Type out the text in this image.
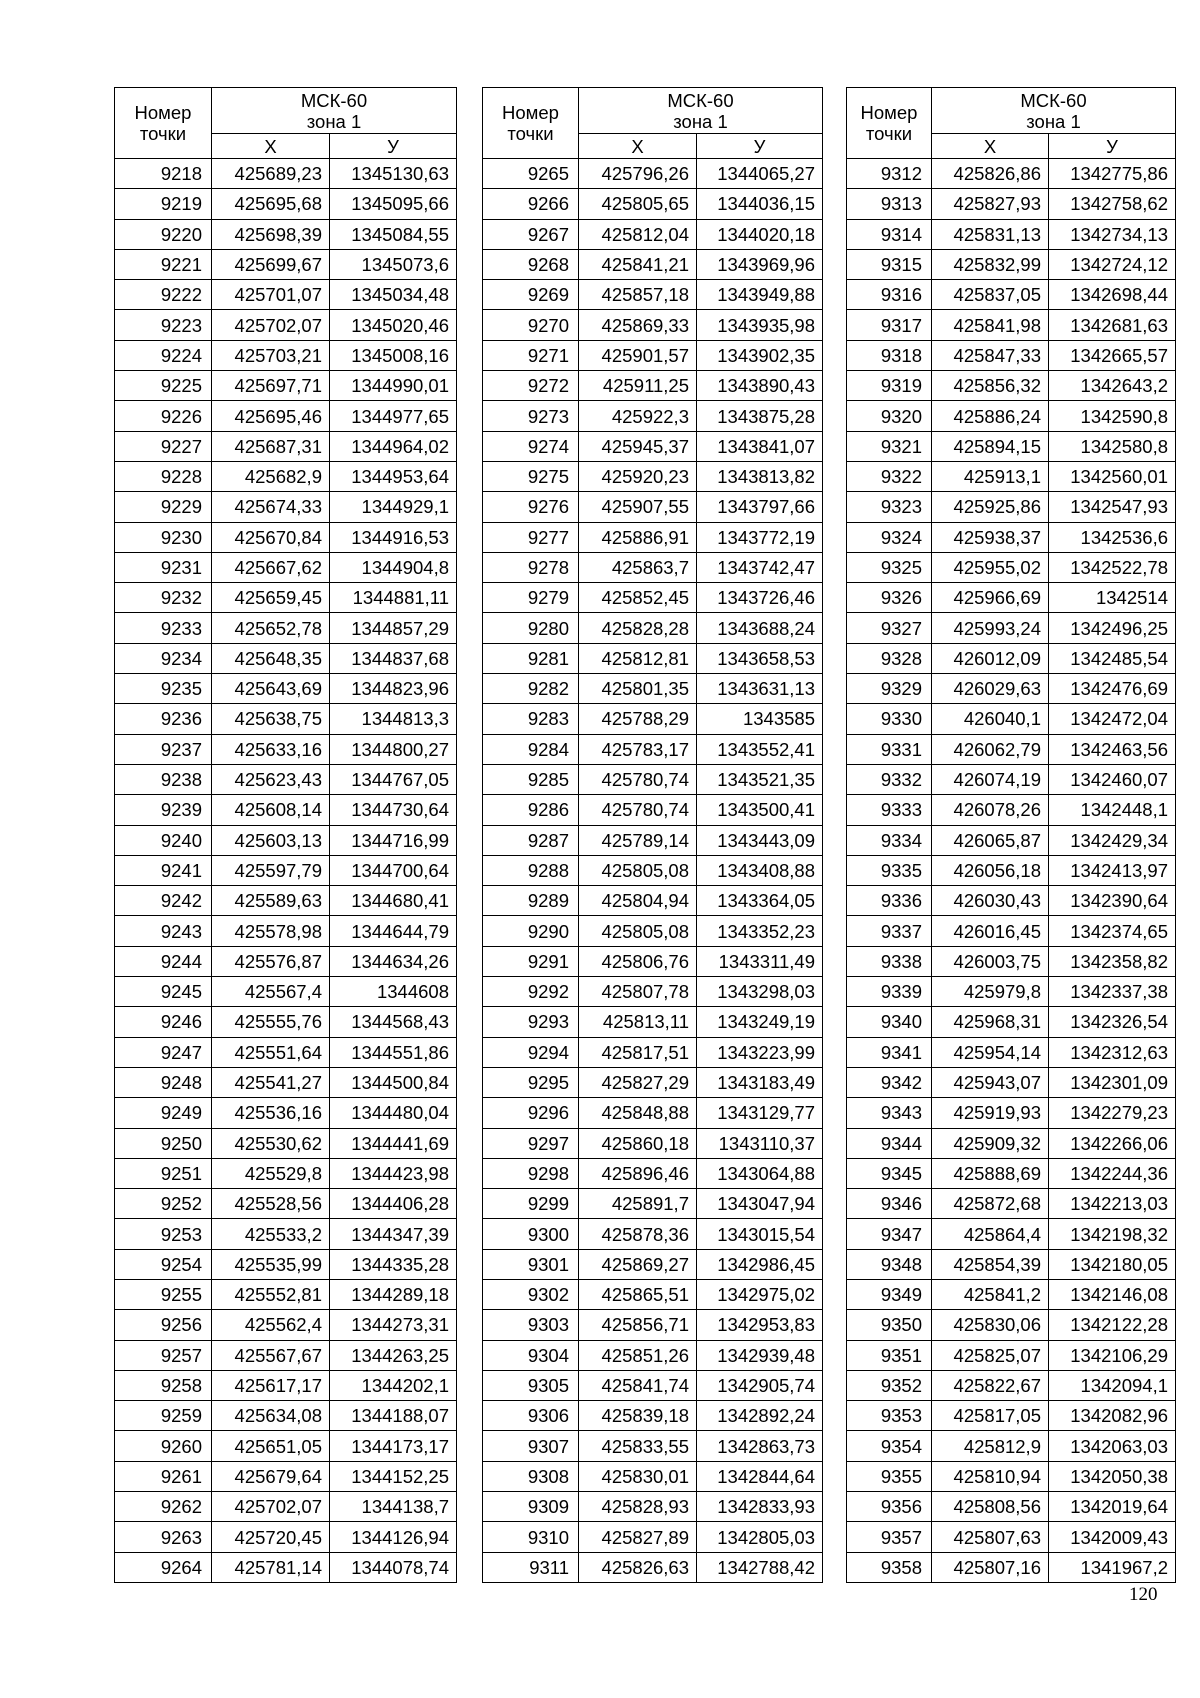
Номер
точки	МСК-60
зона 1	
	X	У
9218	425689,23	1345130,63
9219	425695,68	1345095,66
9220	425698,39	1345084,55
9221	425699,67	1345073,6
9222	425701,07	1345034,48
9223	425702,07	1345020,46
9224	425703,21	1345008,16
9225	425697,71	1344990,01
9226	425695,46	1344977,65
9227	425687,31	1344964,02
9228	425682,9	1344953,64
9229	425674,33	1344929,1
9230	425670,84	1344916,53
9231	425667,62	1344904,8
9232	425659,45	1344881,11
9233	425652,78	1344857,29
9234	425648,35	1344837,68
9235	425643,69	1344823,96
9236	425638,75	1344813,3
9237	425633,16	1344800,27
9238	425623,43	1344767,05
9239	425608,14	1344730,64
9240	425603,13	1344716,99
9241	425597,79	1344700,64
9242	425589,63	1344680,41
9243	425578,98	1344644,79
9244	425576,87	1344634,26
9245	425567,4	1344608
9246	425555,76	1344568,43
9247	425551,64	1344551,86
9248	425541,27	1344500,84
9249	425536,16	1344480,04
9250	425530,62	1344441,69
9251	425529,8	1344423,98
9252	425528,56	1344406,28
9253	425533,2	1344347,39
9254	425535,99	1344335,28
9255	425552,81	1344289,18
9256	425562,4	1344273,31
9257	425567,67	1344263,25
9258	425617,17	1344202,1
9259	425634,08	1344188,07
9260	425651,05	1344173,17
9261	425679,64	1344152,25
9262	425702,07	1344138,7
9263	425720,45	1344126,94
9264	425781,14	1344078,74
Номер
точки	МСК-60
зона 1	
	X	У
9265	425796,26	1344065,27
9266	425805,65	1344036,15
9267	425812,04	1344020,18
9268	425841,21	1343969,96
9269	425857,18	1343949,88
9270	425869,33	1343935,98
9271	425901,57	1343902,35
9272	425911,25	1343890,43
9273	425922,3	1343875,28
9274	425945,37	1343841,07
9275	425920,23	1343813,82
9276	425907,55	1343797,66
9277	425886,91	1343772,19
9278	425863,7	1343742,47
9279	425852,45	1343726,46
9280	425828,28	1343688,24
9281	425812,81	1343658,53
9282	425801,35	1343631,13
9283	425788,29	1343585
9284	425783,17	1343552,41
9285	425780,74	1343521,35
9286	425780,74	1343500,41
9287	425789,14	1343443,09
9288	425805,08	1343408,88
9289	425804,94	1343364,05
9290	425805,08	1343352,23
9291	425806,76	1343311,49
9292	425807,78	1343298,03
9293	425813,11	1343249,19
9294	425817,51	1343223,99
9295	425827,29	1343183,49
9296	425848,88	1343129,77
9297	425860,18	1343110,37
9298	425896,46	1343064,88
9299	425891,7	1343047,94
9300	425878,36	1343015,54
9301	425869,27	1342986,45
9302	425865,51	1342975,02
9303	425856,71	1342953,83
9304	425851,26	1342939,48
9305	425841,74	1342905,74
9306	425839,18	1342892,24
9307	425833,55	1342863,73
9308	425830,01	1342844,64
9309	425828,93	1342833,93
9310	425827,89	1342805,03
9311	425826,63	1342788,42
Номер
точки	МСК-60
зона 1	
	X	У
9312	425826,86	1342775,86
9313	425827,93	1342758,62
9314	425831,13	1342734,13
9315	425832,99	1342724,12
9316	425837,05	1342698,44
9317	425841,98	1342681,63
9318	425847,33	1342665,57
9319	425856,32	1342643,2
9320	425886,24	1342590,8
9321	425894,15	1342580,8
9322	425913,1	1342560,01
9323	425925,86	1342547,93
9324	425938,37	1342536,6
9325	425955,02	1342522,78
9326	425966,69	1342514
9327	425993,24	1342496,25
9328	426012,09	1342485,54
9329	426029,63	1342476,69
9330	426040,1	1342472,04
9331	426062,79	1342463,56
9332	426074,19	1342460,07
9333	426078,26	1342448,1
9334	426065,87	1342429,34
9335	426056,18	1342413,97
9336	426030,43	1342390,64
9337	426016,45	1342374,65
9338	426003,75	1342358,82
9339	425979,8	1342337,38
9340	425968,31	1342326,54
9341	425954,14	1342312,63
9342	425943,07	1342301,09
9343	425919,93	1342279,23
9344	425909,32	1342266,06
9345	425888,69	1342244,36
9346	425872,68	1342213,03
9347	425864,4	1342198,32
9348	425854,39	1342180,05
9349	425841,2	1342146,08
9350	425830,06	1342122,28
9351	425825,07	1342106,29
9352	425822,67	1342094,1
9353	425817,05	1342082,96
9354	425812,9	1342063,03
9355	425810,94	1342050,38
9356	425808,56	1342019,64
9357	425807,63	1342009,43
9358	425807,16	1341967,2
120
